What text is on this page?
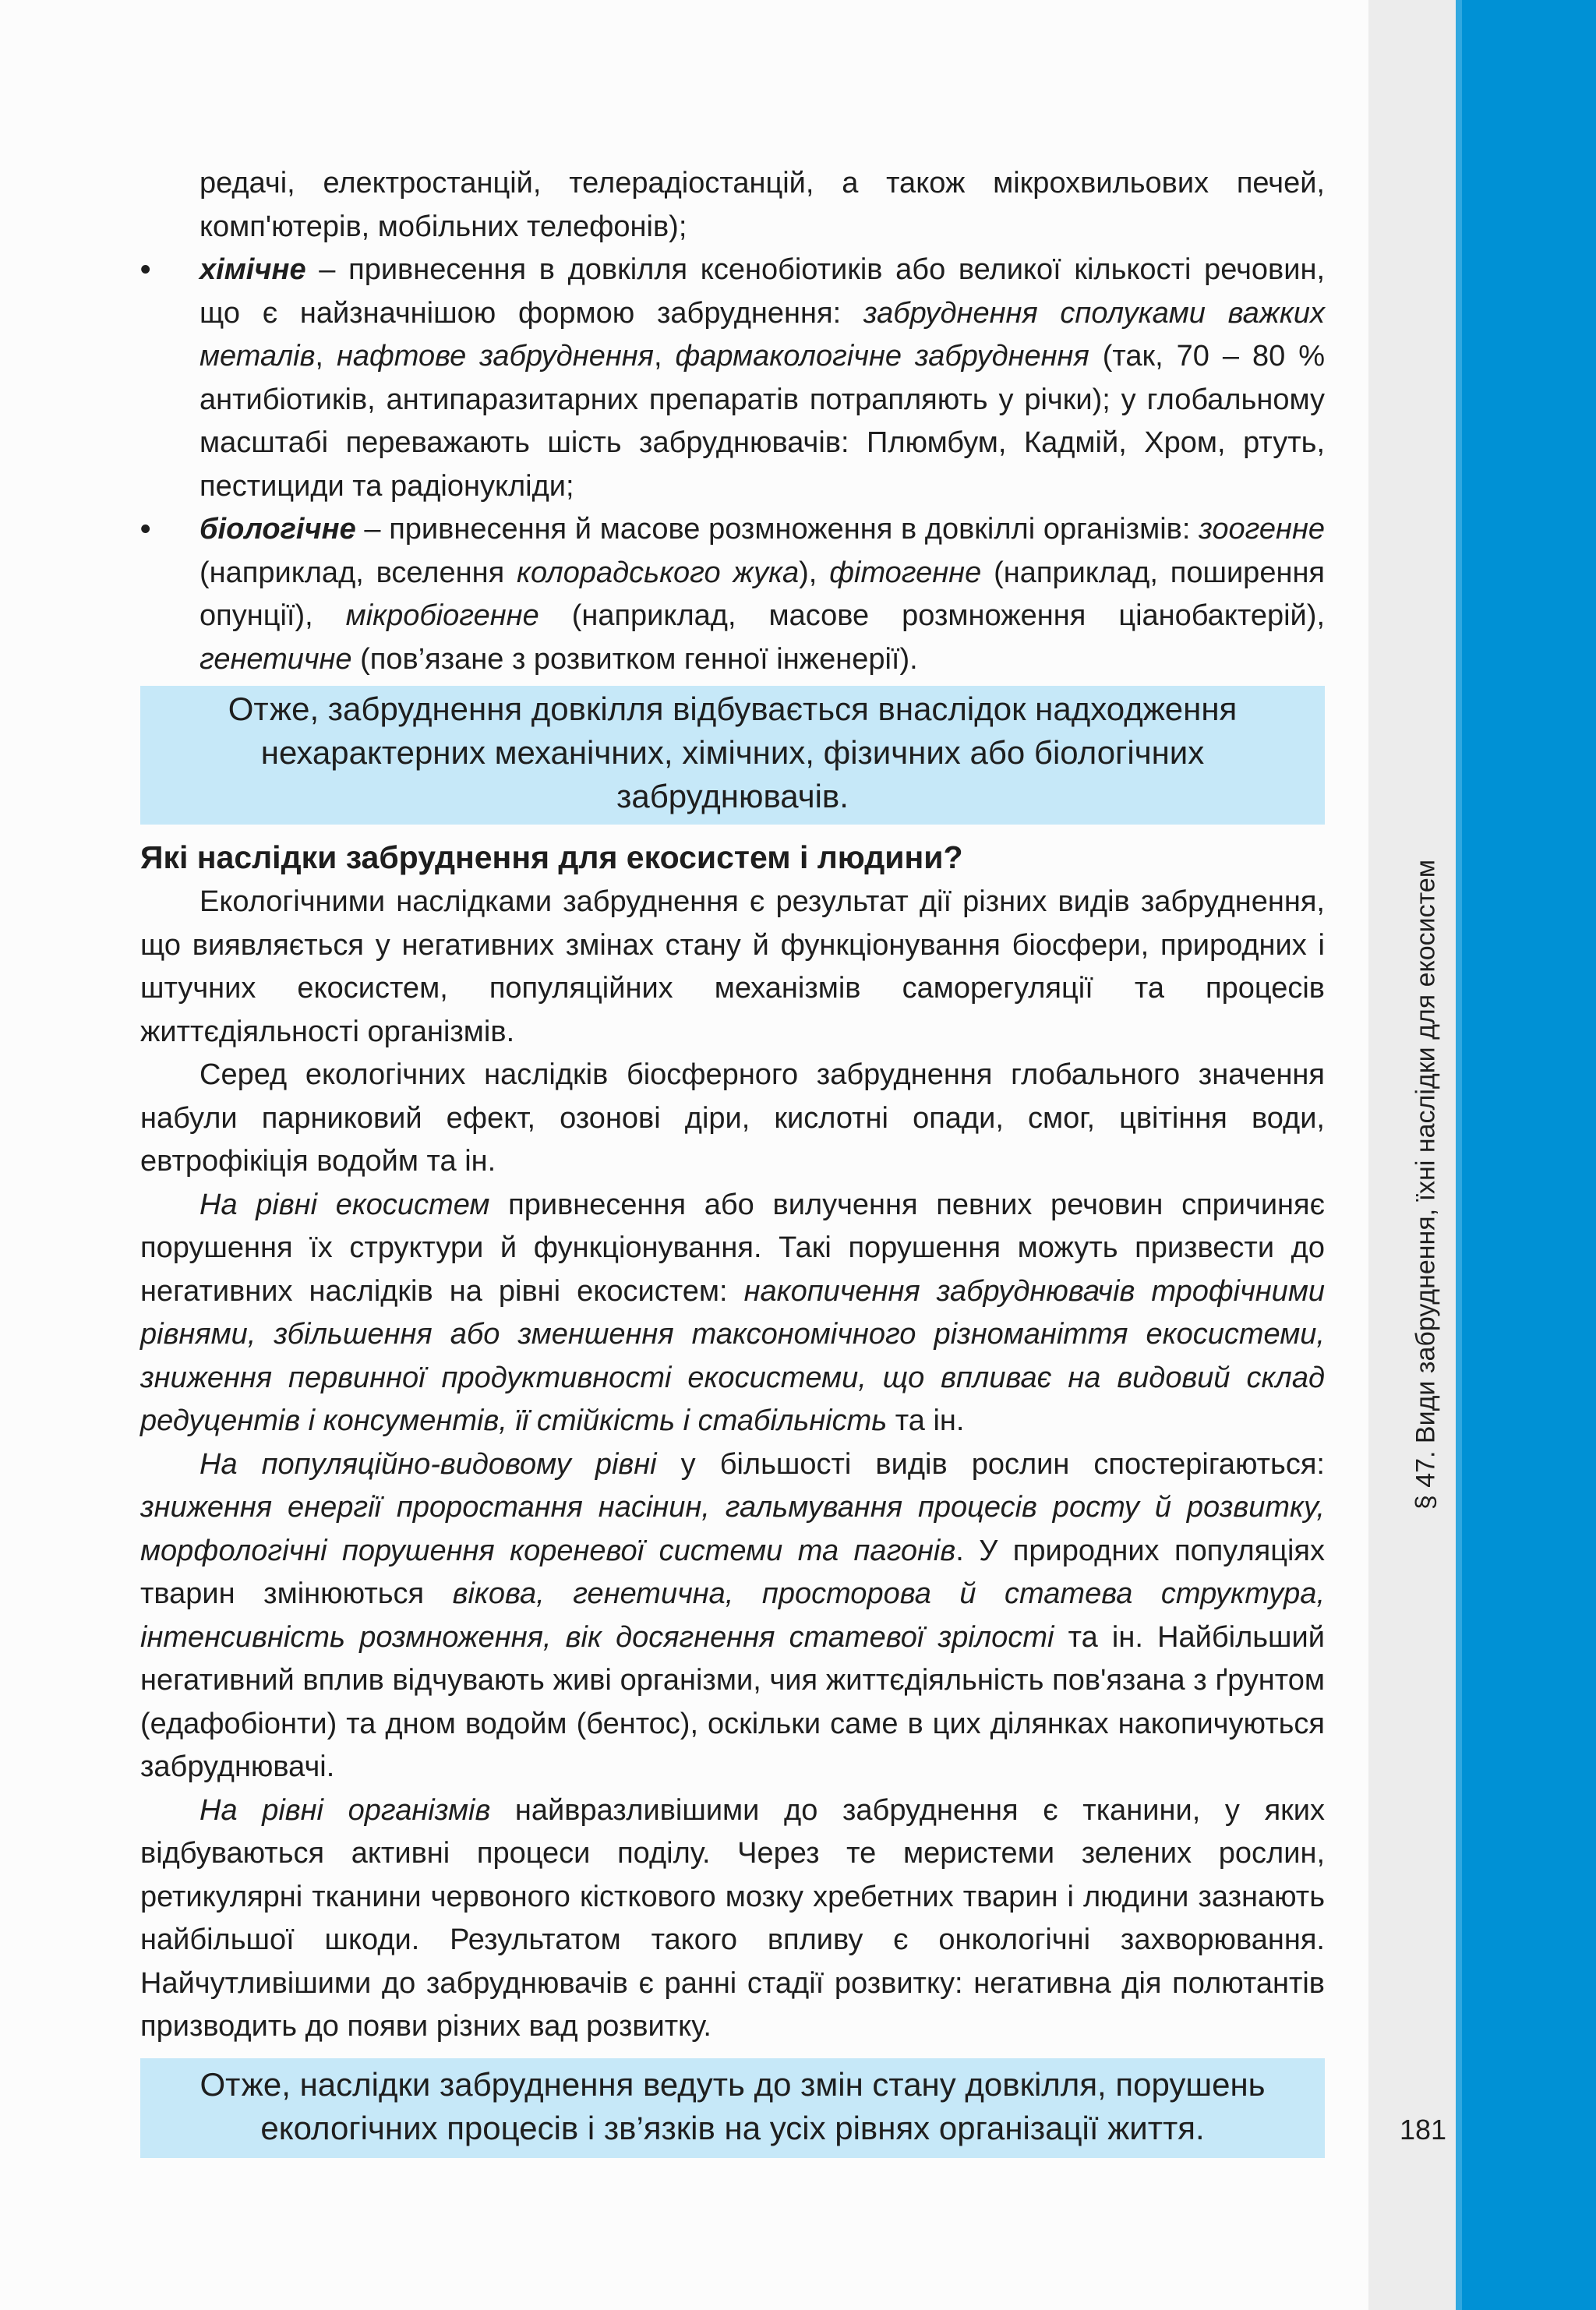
§ 47. Види забруднення, їхні наслідки для екосистем
181

редачі, електростанцій, телерадіостанцій, а також мікрохвильових печей, комп'ютерів, мобільних телефонів);

•	хімічне – привнесення в довкілля ксенобіотиків або великої кількості речовин, що є найзначнішою формою забруднення: забруднення сполуками важких металів, нафтове забруднення, фармакологічне забруднення (так, 70 – 80 % антибіотиків, антипаразитарних препаратів потрапляють у річки); у глобальному масштабі переважають шість забруднювачів: Плюмбум, Кадмій, Хром, ртуть, пестициди та радіонукліди;
•	біологічне – привнесення й масове розмноження в довкіллі організмів: зоогенне (наприклад, вселення колорадського жука), фітогенне (наприклад, поширення опунції), мікробіогенне (наприклад, масове розмноження ціанобактерій), генетичне (пов’язане з розвитком генної інженерії).
Отже, забруднення довкілля відбувається внаслідок надходження нехарактерних механічних, хімічних, фізичних або біологічних забруднювачів.
Які наслідки забруднення для екосистем і людини?

Екологічними наслідками забруднення є результат дії різних видів забруднення, що виявляється у негативних змінах стану й функціонування біосфери, природних і штучних екосистем, популяційних механізмів саморегуляції та процесів життєдіяльності організмів.

Серед екологічних наслідків біосферного забруднення глобального значення набули парниковий ефект, озонові діри, кислотні опади, смог, цвітіння води, евтрофікіція водойм та ін.

На рівні екосистем привнесення або вилучення певних речовин спричиняє порушення їх структури й функціонування. Такі порушення можуть призвести до негативних наслідків на рівні екосистем: накопичення забруднювачів трофічними рівнями, збільшення або зменшення таксономічного різноманіття екосистеми, зниження первинної продуктивності екосистеми, що впливає на видовий склад редуцентів і консументів, її стійкість і стабільність та ін.

На популяційно-видовому рівні у більшості видів рослин спостерігаються: зниження енергії проростання насінин, гальмування процесів росту й розвитку, морфологічні порушення кореневої системи та пагонів. У природних популяціях тварин змінюються вікова, генетична, просторова й статева структура, інтенсивність розмноження, вік досягнення статевої зрілості та ін. Найбільший негативний вплив відчувають живі організми, чия життєдіяльність пов'язана з ґрунтом (едафобіонти) та дном водойм (бентос), оскільки саме в цих ділянках накопичуються забруднювачі.

На рівні організмів найвразливішими до забруднення є тканини, у яких відбуваються активні процеси поділу. Через те меристеми зелених рослин, ретикулярні тканини червоного кісткового мозку хребетних тварин і людини зазнають найбільшої шкоди. Результатом такого впливу є онкологічні захворювання. Найчутливішими до забруднювачів є ранні стадії розвитку: негативна дія полютантів призводить до появи різних вад розвитку.

Отже, наслідки забруднення ведуть до змін стану довкілля, порушень екологічних процесів і зв’язків на усіх рівнях організації життя.
